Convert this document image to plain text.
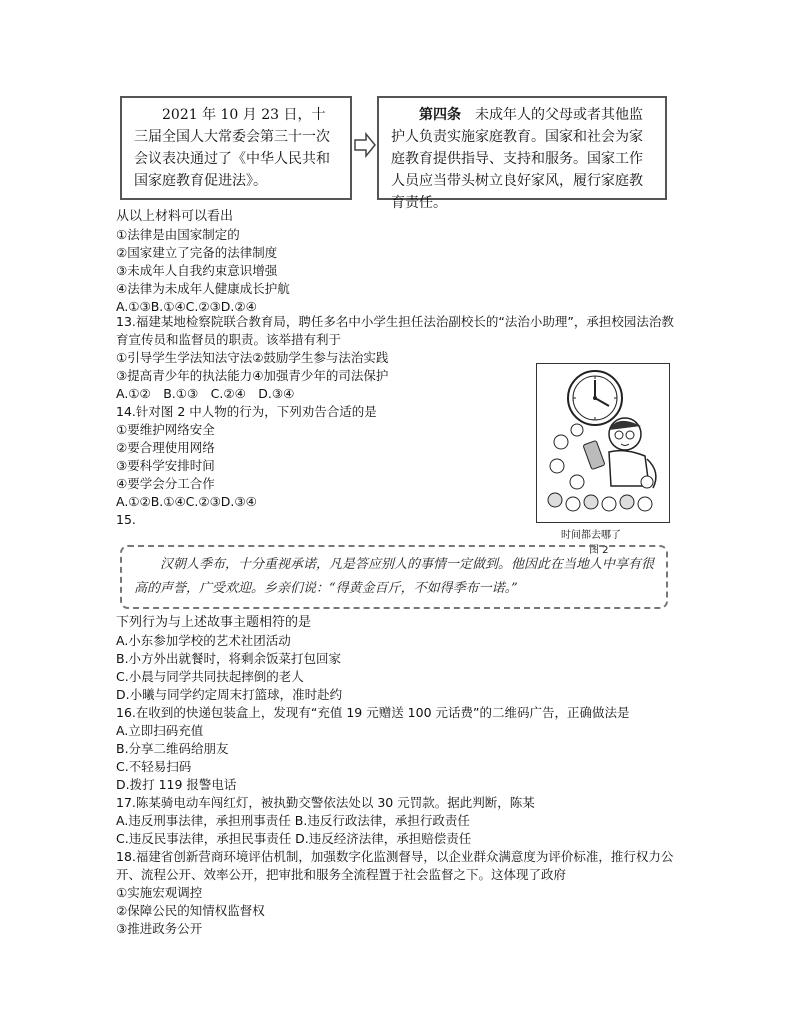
2021 年 10 月 23 日，十三届全国人大常委会第三十一次会议表决通过了《中华人民共和国家庭教育促进法》。
第四条　未成年人的父母或者其他监护人负责实施家庭教育。国家和社会为家庭教育提供指导、支持和服务。国家工作人员应当带头树立良好家风，履行家庭教育责任。
从以上材料可以看出
①法律是由国家制定的
②国家建立了完备的法律制度
③未成年人自我约束意识增强
④法律为未成年人健康成长护航
A.①③B.①④C.②③D.②④
13.福建某地检察院联合教育局，聘任多名中小学生担任法治副校长的“法治小助理”，承担校园法治教育宣传员和监督员的职责。该举措有利于
①引导学生学法知法守法②鼓励学生参与法治实践
③提高青少年的执法能力④加强青少年的司法保护
A.①②　B.①③　C.②④　D.③④
14.针对图 2 中人物的行为，下列劝告合适的是
①要维护网络安全
②要合理使用网络
③要科学安排时间
④要学会分工合作
A.①②B.①④C.②③D.③④
时间都去哪了
图 2
15.
汉朝人季布，十分重视承诺，凡是答应别人的事情一定做到。他因此在当地人中享有很高的声誉，广受欢迎。乡亲们说：“得黄金百斤，不如得季布一诺。”
下列行为与上述故事主题相符的是
A.小东参加学校的艺术社团活动
B.小方外出就餐时，将剩余饭菜打包回家
C.小晨与同学共同扶起摔倒的老人
D.小曦与同学约定周末打篮球，准时赴约
16.在收到的快递包装盒上，发现有“充值 19 元赠送 100 元话费”的二维码广告，正确做法是
A.立即扫码充值
B.分享二维码给朋友
C.不轻易扫码
D.拨打 119 报警电话
17.陈某骑电动车闯红灯，被执勤交警依法处以 30 元罚款。据此判断，陈某
A.违反刑事法律，承担刑事责任 B.违反行政法律，承担行政责任
C.违反民事法律，承担民事责任 D.违反经济法律，承担赔偿责任
18.福建省创新营商环境评估机制，加强数字化监测督导，以企业群众满意度为评价标准，推行权力公开、流程公开、效率公开，把审批和服务全流程置于社会监督之下。这体现了政府
①实施宏观调控
②保障公民的知情权监督权
③推进政务公开
